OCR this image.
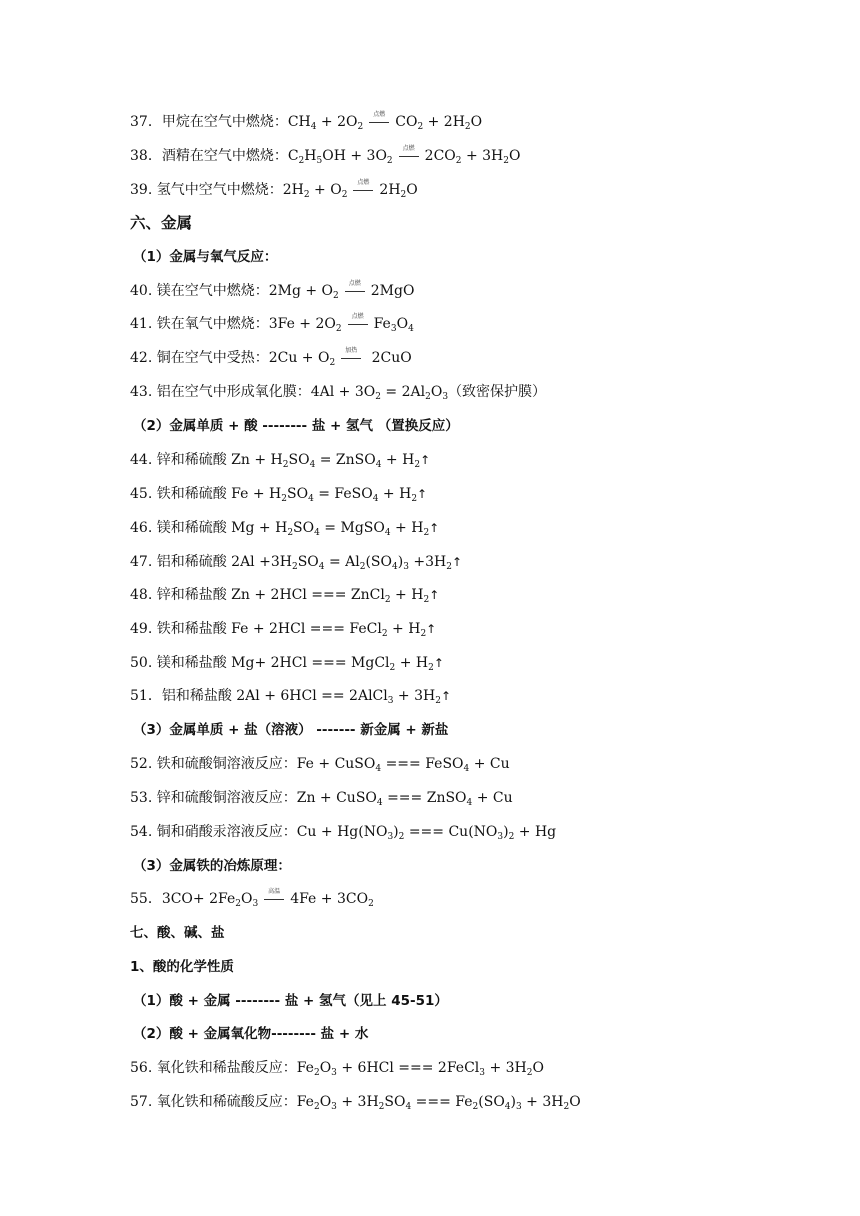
37．甲烷在空气中燃烧：$CH_4 + 2O_2$
点燃 $CO_2 + 2H_2O$
38．酒精在空气中燃烧：$C_2H_5OH + 3O_2$
点燃 $2CO_2 + 3H_2O$
39. 氢气中空气中燃烧：$2H_2 + O_2$
点燃 $2H_2O$
六、金属
（1）金属与氧气反应：
40. 镁在空气中燃烧：$2Mg + O_2$
点燃 2MgO
41. 铁在氧气中燃烧：$3Fe + 2O_2$
点燃 $Fe_3O_4$
42. 铜在空气中受热：$2Cu + O_2$
加热 2CuO
43. 铝在空气中形成氧化膜：$4Al + 3O_2 = 2Al_2O_3$（致密保护膜）
（2）金属单质 + 酸 -------- 盐 + 氢气 （置换反应）
44. 锌和稀硫酸 $Zn + H_2SO_4$ = ZnSO$_4$ + $H_2↑$
45. 铁和稀硫酸 $Fe + H_2SO_4$ = FeSO$_4$ + $H_2↑$
46. 镁和稀硫酸 $Mg + H_2SO_4$ = MgSO$_4$ + $H_2↑$
47. 铝和稀硫酸 $2Al +3H_2SO_4 = Al_2(SO_4)_3$ $+3H_2↑$
48. 锌和稀盐酸 Zn + 2HCl === ZnCl$_2$ + $H_2↑$
49. 铁和稀盐酸 Fe + 2HCl === FeCl$_2$ + $H_2↑$
50. 镁和稀盐酸 Mg+ 2HCl === MgCl$_2$ + $H_2↑$
51．铝和稀盐酸 2Al + 6HCl == 2AlCl$_3$ + $3H_2↑$
（3）金属单质 + 盐（溶液） ------- 新金属 + 新盐
52. 铁和硫酸铜溶液反应：Fe + CuSO$_4$ === FeSO$_4$ + Cu
53. 锌和硫酸铜溶液反应：Zn + CuSO$_4$ === ZnSO$_4$ + Cu
54. 铜和硝酸汞溶液反应：$Cu + Hg(NO_3)_2$ === $Cu(NO_3)_2 + Hg$
（3）金属铁的冶炼原理：
55．$3CO+ 2Fe_2O_3$
高温 $4Fe + 3CO_2$
七、酸、碱、盐
1、酸的化学性质
（1）酸 + 金属 -------- 盐 + 氢气（见上 45-51）
（2）酸 + 金属氧化物-------- 盐 + 水
56. 氧化铁和稀盐酸反应：$Fe_2O_3 + 6HCl$ === 2FeCl$_3$ + $3H_2O$
57. 氧化铁和稀硫酸反应：$Fe_2O_3 + 3H_2SO_4$ === $Fe_2(SO_4)_3 + 3H_2O$
